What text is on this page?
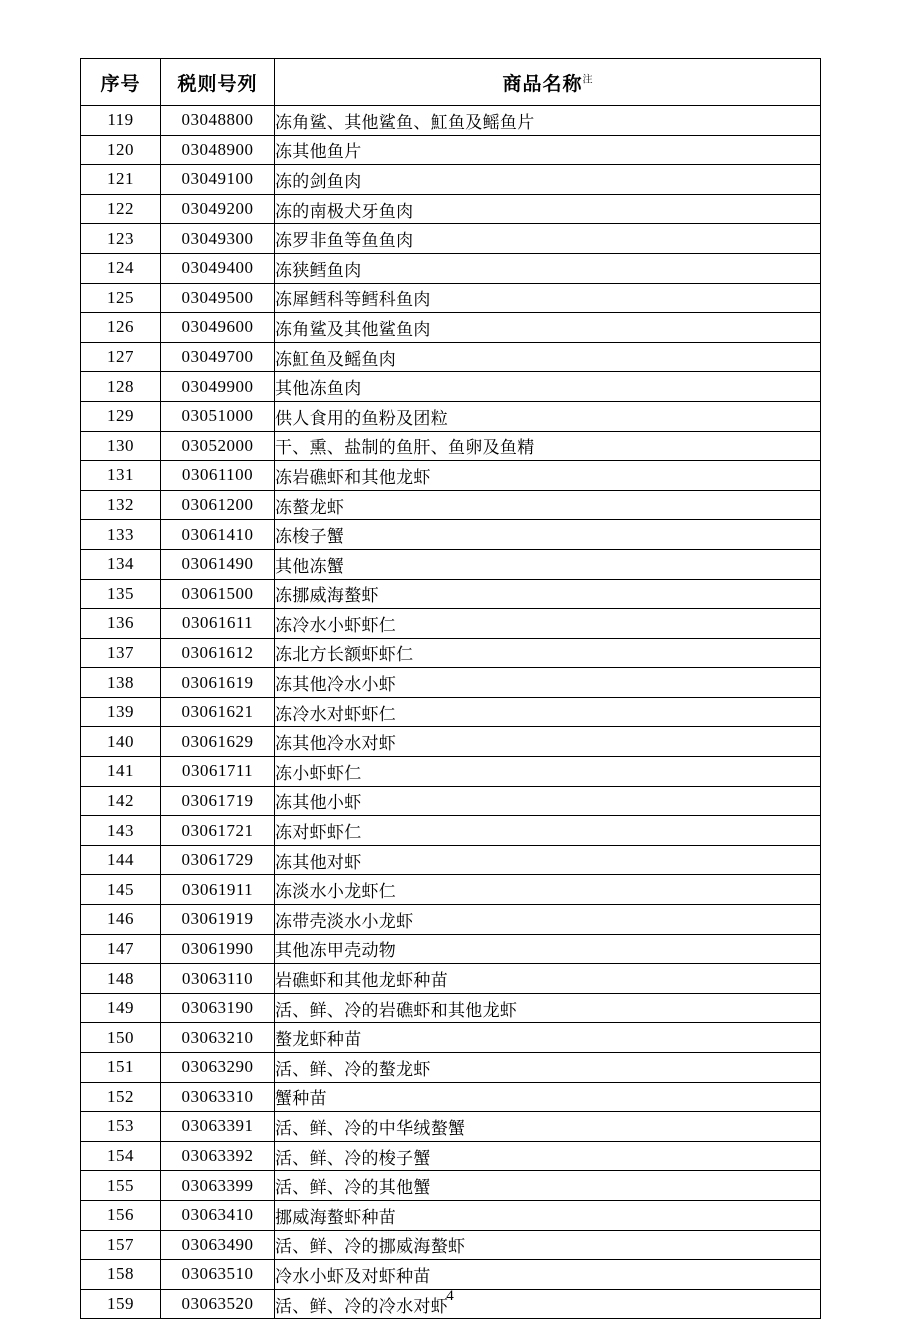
序号	税则号列	商品名称$^注$
119	03048800	冻角鲨、其他鲨鱼、魟鱼及鳐鱼片
120	03048900	冻其他鱼片
121	03049100	冻的剑鱼肉
122	03049200	冻的南极犬牙鱼肉
123	03049300	冻罗非鱼等鱼鱼肉
124	03049400	冻狭鳕鱼肉
125	03049500	冻犀鳕科等鳕科鱼肉
126	03049600	冻角鲨及其他鲨鱼肉
127	03049700	冻魟鱼及鳐鱼肉
128	03049900	其他冻鱼肉
129	03051000	供人食用的鱼粉及团粒
130	03052000	干、熏、盐制的鱼肝、鱼卵及鱼精
131	03061100	冻岩礁虾和其他龙虾
132	03061200	冻螯龙虾
133	03061410	冻梭子蟹
134	03061490	其他冻蟹
135	03061500	冻挪威海螯虾
136	03061611	冻冷水小虾虾仁
137	03061612	冻北方长额虾虾仁
138	03061619	冻其他冷水小虾
139	03061621	冻冷水对虾虾仁
140	03061629	冻其他冷水对虾
141	03061711	冻小虾虾仁
142	03061719	冻其他小虾
143	03061721	冻对虾虾仁
144	03061729	冻其他对虾
145	03061911	冻淡水小龙虾仁
146	03061919	冻带壳淡水小龙虾
147	03061990	其他冻甲壳动物
148	03063110	岩礁虾和其他龙虾种苗
149	03063190	活、鲜、冷的岩礁虾和其他龙虾
150	03063210	螯龙虾种苗
151	03063290	活、鲜、冷的螯龙虾
152	03063310	蟹种苗
153	03063391	活、鲜、冷的中华绒螯蟹
154	03063392	活、鲜、冷的梭子蟹
155	03063399	活、鲜、冷的其他蟹
156	03063410	挪威海螯虾种苗
157	03063490	活、鲜、冷的挪威海螯虾
158	03063510	冷水小虾及对虾种苗
159	03063520	活、鲜、冷的冷水对虾
4
